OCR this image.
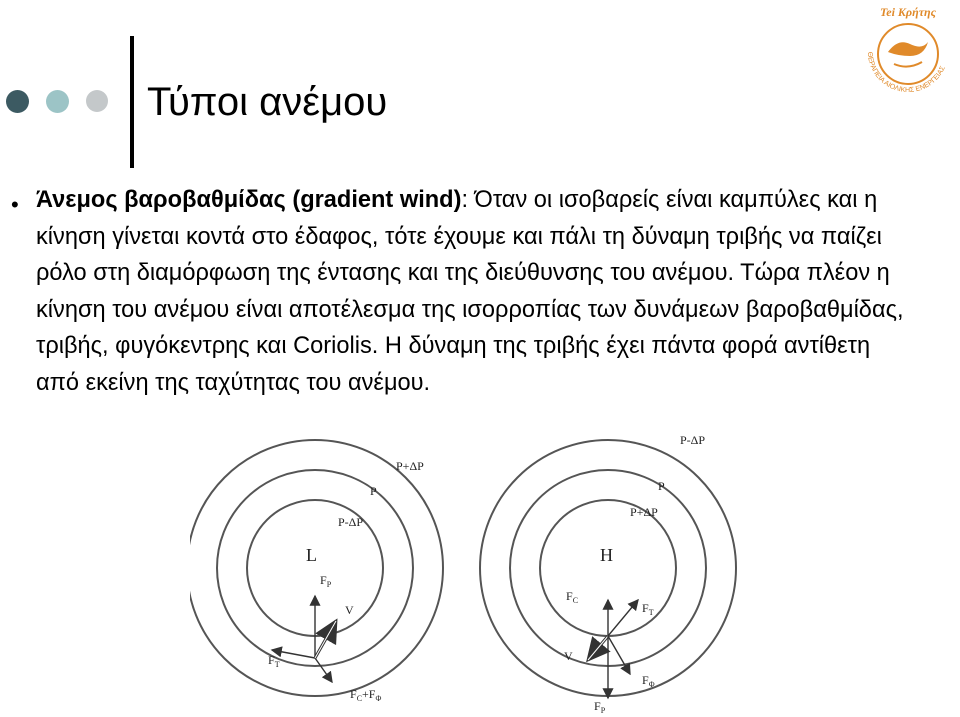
Τύποι ανέμου
Tei Κρήτης
ΘΕΡΑΠΕΙΑ ΑΙΟΛΙΚΗΣ ΕΝΕΡΓΕΙΑΣ
• Άνεμος βαροβαθμίδας (gradient wind): Όταν οι ισοβαρείς είναι καμπύλες και η κίνηση γίνεται κοντά στο έδαφος, τότε έχουμε και πάλι τη δύναμη τριβής να παίζει ρόλο στη διαμόρφωση της έντασης και της διεύθυνσης του ανέμου. Τώρα πλέον η κίνηση του ανέμου είναι αποτέλεσμα της ισορροπίας των δυνάμεων βαροβαθμίδας, τριβής, φυγόκεντρης και Coriolis. Η δύναμη της τριβής έχει πάντα φορά αντίθετη από εκείνη της ταχύτητας του ανέμου.
P+ΔP
P
P-ΔP
L
$F_P$
V
$F_T$
$F_C+F_\Phi$
P-ΔP
P
P+ΔP
H
$F_C$
$F_T$
V
$F_\Phi$
$F_P$
